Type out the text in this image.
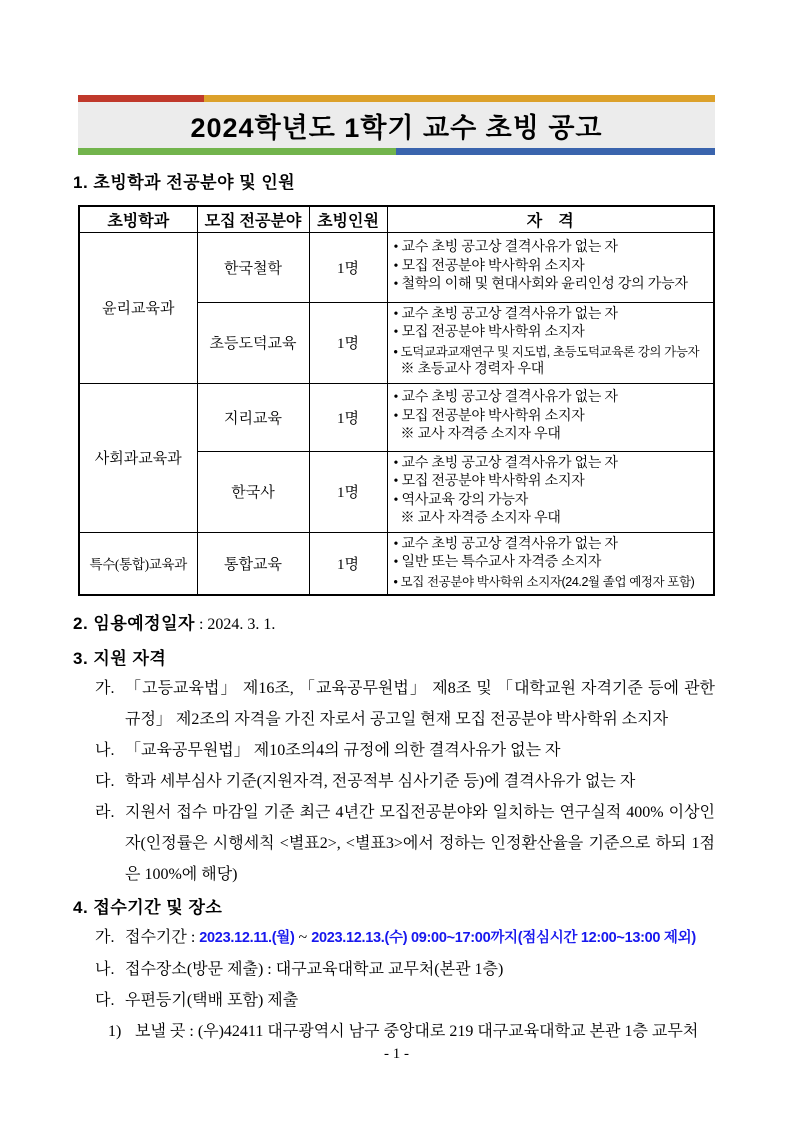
2024학년도 1학기 교수 초빙 공고
1. 초빙학과 전공분야 및 인원
초빙학과	모집 전공분야	초빙인원	자    격
윤리교육과	한국철학	1명	• 교수 초빙 공고상 결격사유가 없는 자
• 모집 전공분야 박사학위 소지자
• 철학의 이해 및 현대사회와 윤리인성 강의 가능자

	초등도덕교육	1명	• 교수 초빙 공고상 결격사유가 없는 자
• 모집 전공분야 박사학위 소지자
• 도덕교과교재연구 및 지도법, 초등도덕교육론 강의 가능자
※ 초등교사 경력자 우대

사회과교육과	지리교육	1명	• 교수 초빙 공고상 결격사유가 없는 자
• 모집 전공분야 박사학위 소지자
※ 교사 자격증 소지자 우대

	한국사	1명	• 교수 초빙 공고상 결격사유가 없는 자
• 모집 전공분야 박사학위 소지자
• 역사교육 강의 가능자
※ 교사 자격증 소지자 우대

특수(통합)교육과	통합교육	1명	• 교수 초빙 공고상 결격사유가 없는 자
• 일반 또는 특수교사 자격증 소지자
• 모집 전공분야 박사학위 소지자(24.2월 졸업 예정자 포함)

2. 임용예정일자 : 2024. 3. 1.

3. 지원 자격
가. 「고등교육법」 제16조, 「교육공무원법」 제8조 및 「대학교원 자격기준 등에 관한 규정」 제2조의 자격을 가진 자로서 공고일 현재 모집 전공분야 박사학위 소지자

나. 「교육공무원법」 제10조의4의 규정에 의한 결격사유가 없는 자

다. 학과 세부심사 기준(지원자격, 전공적부 심사기준 등)에 결격사유가 없는 자

라. 지원서 접수 마감일 기준 최근 4년간 모집전공분야와 일치하는 연구실적 400% 이상인 자(인정률은 시행세칙 <별표2>, <별표3>에서 정하는 인정환산율을 기준으로 하되 1점은 100%에 해당)

4. 접수기간 및 장소
가. 접수기간 : 2023.12.11.(월) ~ 2023.12.13.(수) 09:00~17:00까지(점심시간 12:00~13:00 제외)

나. 접수장소(방문 제출) : 대구교육대학교 교무처(본관 1층)

다. 우편등기(택배 포함) 제출

1) 보낼 곳 : (우)42411 대구광역시 남구 중앙대로 219 대구교육대학교 본관 1층 교무처

- 1 -
